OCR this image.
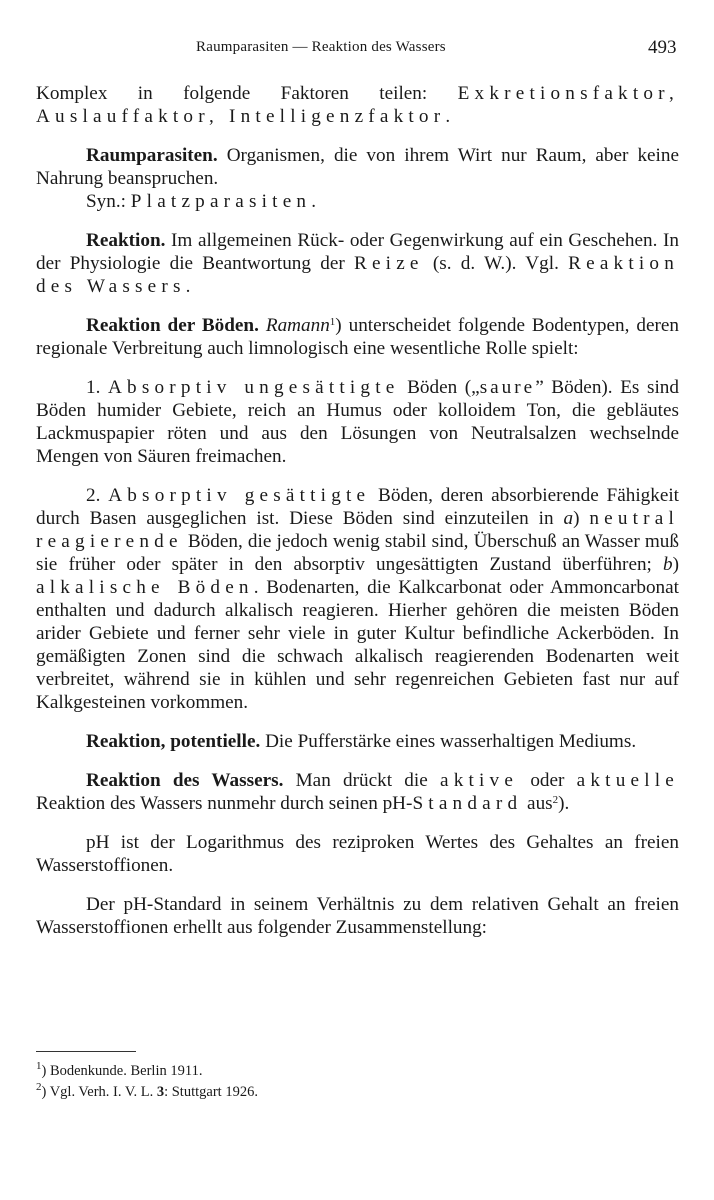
Raumparasiten — Reaktion des Wassers	493

Komplex in folgende Faktoren teilen: Exkretionsfaktor, Auslauffaktor, Intelligenzfaktor.

Raumparasiten. Organismen, die von ihrem Wirt nur Raum, aber keine Nahrung beanspruchen.

Syn.: Platzparasiten.

Reaktion. Im allgemeinen Rück- oder Gegenwirkung auf ein Geschehen. In der Physiologie die Beantwortung der Reize (s. d. W.). Vgl. Reaktion des Wassers.

Reaktion der Böden. Ramann$^1$) unterscheidet folgende Bodentypen, deren regionale Verbreitung auch limnologisch eine wesentliche Rolle spielt:

1. Absorptiv ungesättigte Böden („saure” Böden). Es sind Böden humider Gebiete, reich an Humus oder kolloidem Ton, die gebläutes Lackmuspapier röten und aus den Lösungen von Neutralsalzen wechselnde Mengen von Säuren freimachen.

2. Absorptiv gesättigte Böden, deren absorbierende Fähigkeit durch Basen ausgeglichen ist. Diese Böden sind einzuteilen in a) neutral reagierende Böden, die jedoch wenig stabil sind, Überschuß an Wasser muß sie früher oder später in den absorptiv ungesättigten Zustand überführen; b) alkalische Böden. Bodenarten, die Kalkcarbonat oder Ammoncarbonat enthalten und dadurch alkalisch reagieren. Hierher gehören die meisten Böden arider Gebiete und ferner sehr viele in guter Kultur befindliche Ackerböden. In gemäßigten Zonen sind die schwach alkalisch reagierenden Bodenarten weit verbreitet, während sie in kühlen und sehr regenreichen Gebieten fast nur auf Kalkgesteinen vorkommen.

Reaktion, potentielle. Die Pufferstärke eines wasserhaltigen Mediums.

Reaktion des Wassers. Man drückt die aktive oder aktuelle Reaktion des Wassers nunmehr durch seinen pH-Standard aus$^2$).

pH ist der Logarithmus des reziproken Wertes des Gehaltes an freien Wasserstoffionen.

Der pH-Standard in seinem Verhältnis zu dem relativen Gehalt an freien Wasserstoffionen erhellt aus folgender Zusammenstellung:

$^1$) Bodenkunde. Berlin 1911.
$^2$) Vgl. Verh. I. V. L. 3: Stuttgart 1926.
